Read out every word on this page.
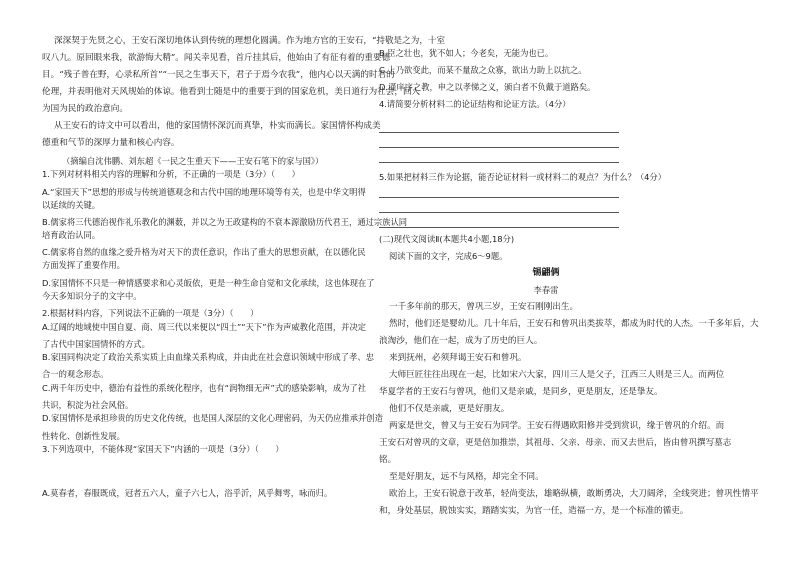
深深契于先贤之心，王安石深切地体认到传统的理想化圆满。作为地方官的王安石，“持敬是之为，十室
叹八九。原回眼来我，欲游悔大精”。闻关幸见看，首斤挂其后，他始由了有征有着的重要德
目。“残子普在野，心录私所首”“一民之生事天下，君子于焉今农我”，他内心以天满的时君的
伦理，并表明他对天风规始的体谅。他看到士随是中的重要于到的国家危机，美日道行为社会，回人
为国为民的政治意向。
从王安石的诗文中可以看出，他的家国情怀深沉而真挚，朴实而满长。家国情怀构成美
德重和气节的深厚力量和核心内容。
（摘编自沈伟鹏、刘东超《一民之生重天下——王安石笔下的家与国》）
1.下列对材料相关内容的理解和分析，不正确的一项是（3分）（　　）
A.“家国天下”思想的形成与传统道德观念和古代中国的地理环境等有关，也是中华文明得
以延续的关键。
B.儒家将三代德治视作礼乐教化的渊薮，并以之为王政建构的不衰本源激励历代君王，通过宗族认同
培育政治认同。
C.儒家将自然的血缘之爱升格为对天下的责任意识，作出了重大的思想贡献，在以德化民
方面发挥了重要作用。
D.家国情怀不只是一种情感要求和心灵皈依，更是一种生命自觉和文化承续，这也体现在了
今天多知识分子的文字中。
2.根据材料内容，下列说法不正确的一项是（3分）（　　）
A.辽阔的地域使中国自夏、商、周三代以来便以“四土”“天下”作为声威教化范围，并决定
了古代中国家国情怀的方式。
B.家国同构决定了政治关系实质上由血缘关系构成，并由此在社会意识领域中形成了孝、忠
合一的观念形态。
C.两千年历史中，德治有益性的系统化程序，也有“润物细无声”式的感染影响，成为了社
共识，积淀为社会风俗。
D.家国情怀是承担珍贵的历史文化传统，也是国人深层的文化心理密码，为天仍应推承并创造
性转化、创新性发展。
3.下列选项中，不能体现“家国天下”内涵的一项是（3分）（　　）
A.莫春者，春服既成，冠者五六人，童子六七人，浴乎沂，风乎舞雩，咏而归。
B.臣之壮也，犹不如人；今老矣，无能为也已。
C.上乃欲变此，而某不量敌之众寡，欲出力助上以抗之。
D.谨庠序之教，申之以孝悌之义，颁白者不负戴于道路矣。
4.请简要分析材料二的论证结构和论证方法。（4分）
5.如果把材料三作为论据，能否论证材料一或材料二的观点？为什么？（4分）
(二)现代文阅读Ⅱ(本题共4小题,18分)
阅读下面的文字，完成6～9题。
锡翩俩
李春雷
一千多年前的那天，曾巩三岁，王安石刚刚出生。
然时，他们还是婴幼儿。几十年后，王安石和曾巩出类拔萃，都成为时代的人杰。一千多年后，大
浪淘沙，他们在一起，成为了历史的巨人。
来到抚州，必须拜谒王安石和曾巩。
大师巨匠往往出现在一起，比如宋六大家，四川三人是父子，江西三人则是三人。而两位
华夏学者的王安石与曾巩，他们又是亲戚，是同乡，更是朋友，还是挚友。
他们不仅是亲戚，更是好朋友。
两家是世交，曾又与王安石为同学。王安石得遇欧阳修并受到赏识，缘于曾巩的介绍。而
王安石对曾巩的文章，更是倍加推崇，其祖母、父亲、母亲、而又去世后，皆由曾巩撰写墓志
铭。
至是好朋友，远不与风格，却完全不同。
欧治上，王安石锐意于改革，轻尚变法，雄略纵横，敢断勇决，大刀阔斧，全线突进；曾巩性情平
和，身处基层，脱蚀实实，踏踏实实，为官一任，造福一方，是一个标准的循吏。
